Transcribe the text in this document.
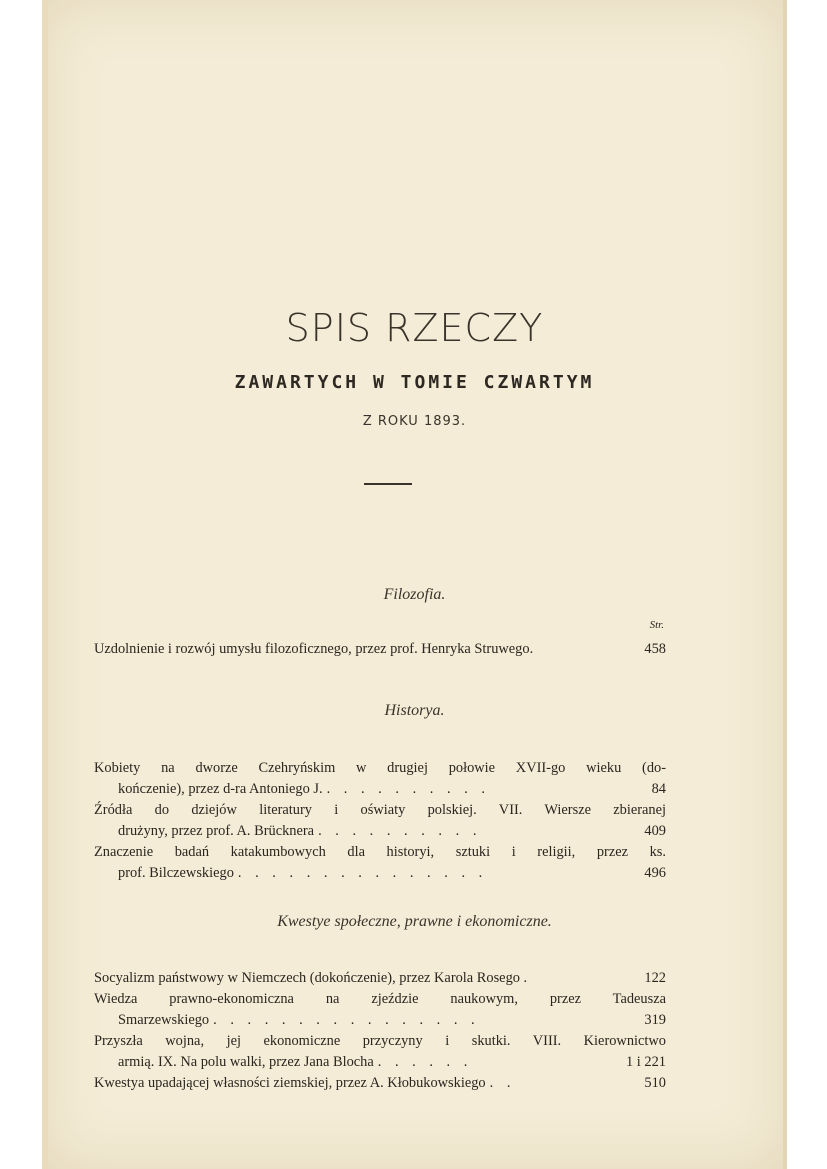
SPIS RZECZY
ZAWARTYCH W TOMIE CZWARTYM
Z ROKU 1893.
Filozofia.
Str.
Uzdolnienie i rozwój umysłu filozoficznego, przez prof. Henryka Struwego.	458
Historya.
Kobiety na dworze Czehryńskim w drugiej połowie XVII-go wieku (do-
kończenie), przez d-ra Antoniego J. . . . . . . . . . .	84
Źródła do dziejów literatury i oświaty polskiej. VII. Wiersze zbieranej
drużyny, przez prof. A. Brücknera . . . . . . . . . .	409
Znaczenie badań katakumbowych dla historyi, sztuki i religii, przez ks.
prof. Bilczewskiego . . . . . . . . . . . . . . .	496
Kwestye społeczne, prawne i ekonomiczne.
Socyalizm państwowy w Niemczech (dokończenie), przez Karola Rosego .	122
Wiedza prawno-ekonomiczna na zjeździe naukowym, przez Tadeusza
Smarzewskiego . . . . . . . . . . . . . . . .	319
Przyszła wojna, jej ekonomiczne przyczyny i skutki. VIII. Kierownictwo
armią. IX. Na polu walki, przez Jana Blocha . . . . . .	1 i 221
Kwestya upadającej własności ziemskiej, przez A. Kłobukowskiego . .	510
